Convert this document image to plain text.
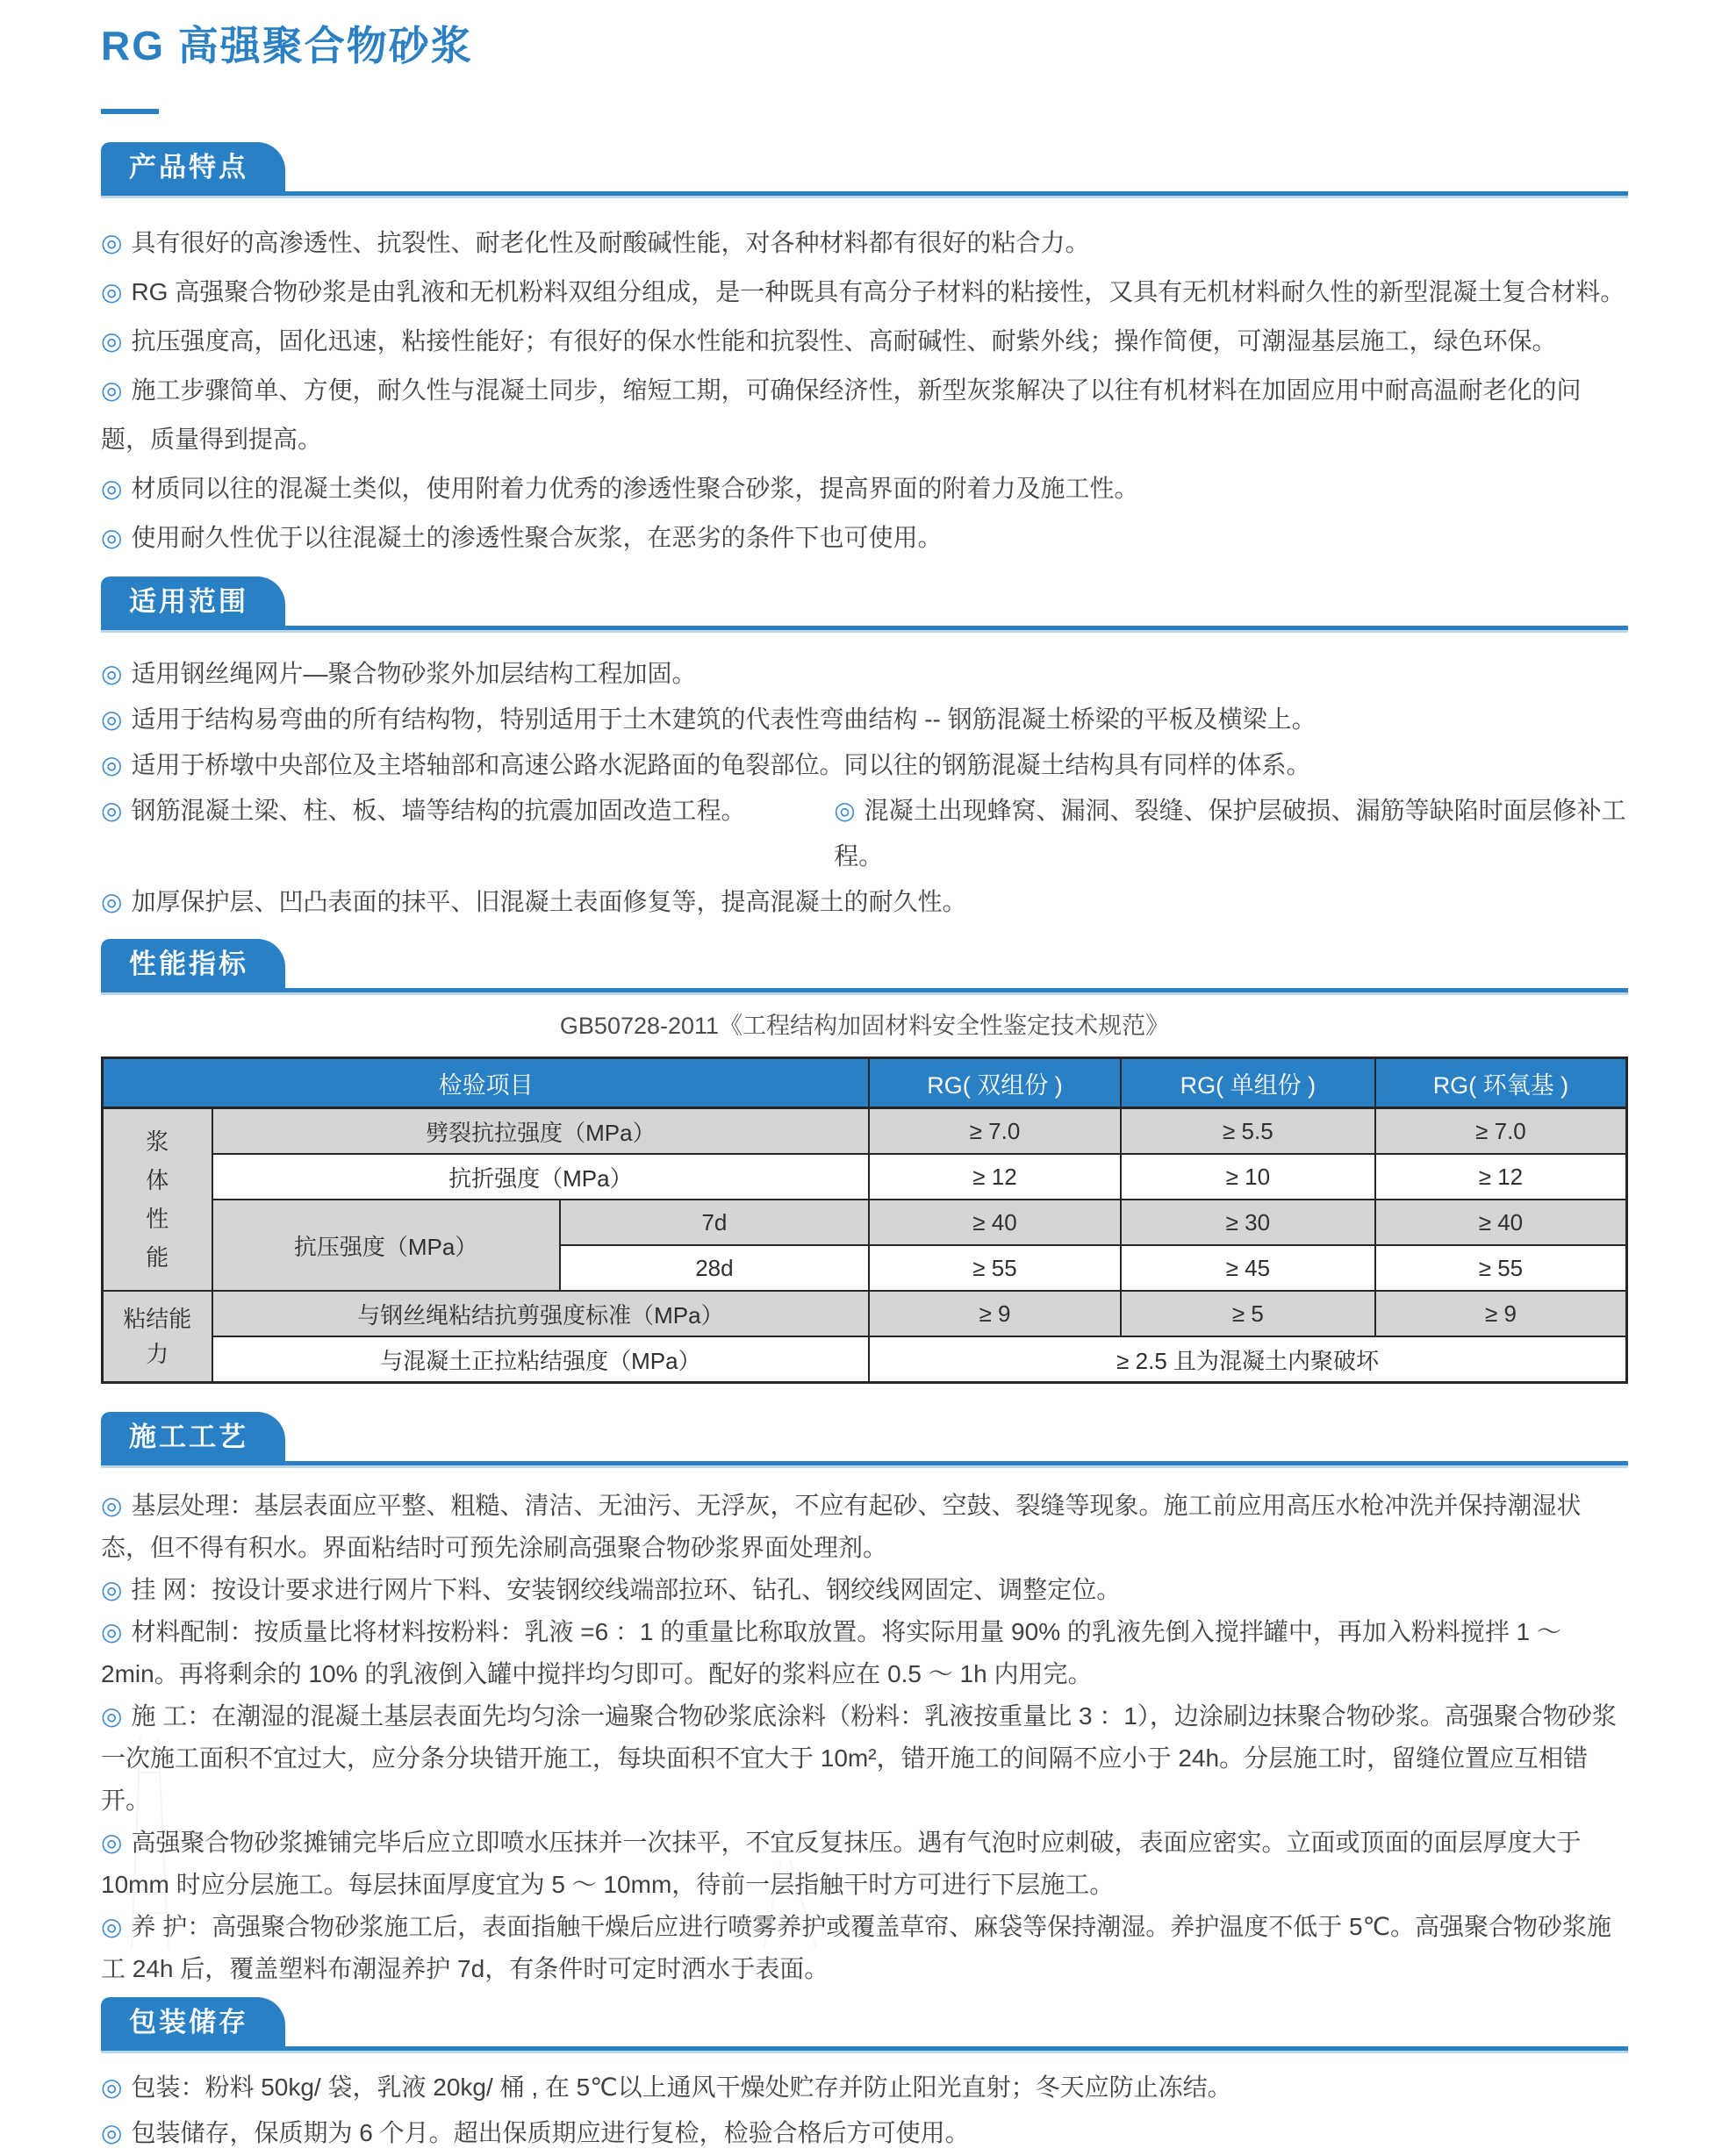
RG 高强聚合物砂浆
产品特点
◎ 具有很好的高渗透性、抗裂性、耐老化性及耐酸碱性能，对各种材料都有很好的粘合力。
◎ RG 高强聚合物砂浆是由乳液和无机粉料双组分组成，是一种既具有高分子材料的粘接性，又具有无机材料耐久性的新型混凝土复合材料。
◎ 抗压强度高，固化迅速，粘接性能好；有很好的保水性能和抗裂性、高耐碱性、耐紫外线；操作简便，可潮湿基层施工，绿色环保。
◎ 施工步骤简单、方便，耐久性与混凝土同步，缩短工期，可确保经济性，新型灰浆解决了以往有机材料在加固应用中耐高温耐老化的问题，质量得到提高。
◎ 材质同以往的混凝土类似，使用附着力优秀的渗透性聚合砂浆，提高界面的附着力及施工性。
◎ 使用耐久性优于以往混凝土的渗透性聚合灰浆，在恶劣的条件下也可使用。
适用范围
◎ 适用钢丝绳网片—聚合物砂浆外加层结构工程加固。
◎ 适用于结构易弯曲的所有结构物，特别适用于土木建筑的代表性弯曲结构 -- 钢筋混凝土桥梁的平板及横梁上。
◎ 适用于桥墩中央部位及主塔轴部和高速公路水泥路面的龟裂部位。同以往的钢筋混凝土结构具有同样的体系。
◎ 钢筋混凝土梁、柱、板、墙等结构的抗震加固改造工程。	◎ 混凝土出现蜂窝、漏洞、裂缝、保护层破损、漏筋等缺陷时面层修补工程。
◎ 加厚保护层、凹凸表面的抹平、旧混凝土表面修复等，提高混凝土的耐久性。
性能指标
GB50728-2011《工程结构加固材料安全性鉴定技术规范》
检验项目			RG( 双组份 )	RG( 单组份 )	RG( 环氧基 )

浆
体
性
能	劈裂抗拉强度（MPa）		≥ 7.0	≥ 5.5	≥ 7.0
	抗折强度（MPa）		≥ 12	≥ 10	≥ 12
	抗压强度（MPa）	7d	≥ 40	≥ 30	≥ 40
		28d	≥ 55	≥ 45	≥ 55

粘结能
力	与钢丝绳粘结抗剪强度标准（MPa）		≥ 9	≥ 5	≥ 9
	与混凝土正拉粘结强度（MPa）		≥ 2.5 且为混凝土内聚破坏		
施工工艺
◎ 基层处理：基层表面应平整、粗糙、清洁、无油污、无浮灰，不应有起砂、空鼓、裂缝等现象。施工前应用高压水枪冲洗并保持潮湿状态，但不得有积水。界面粘结时可预先涂刷高强聚合物砂浆界面处理剂。
◎ 挂 网：按设计要求进行网片下料、安装钢绞线端部拉环、钻孔、钢绞线网固定、调整定位。
◎ 材料配制：按质量比将材料按粉料：乳液 =6 ：1 的重量比称取放置。将实际用量 90% 的乳液先倒入搅拌罐中，再加入粉料搅拌 1 ～ 2min。再将剩余的 10% 的乳液倒入罐中搅拌均匀即可。配好的浆料应在 0.5 ～ 1h 内用完。
◎ 施 工：在潮湿的混凝土基层表面先均匀涂一遍聚合物砂浆底涂料（粉料：乳液按重量比 3 ：1），边涂刷边抹聚合物砂浆。高强聚合物砂浆一次施工面积不宜过大，应分条分块错开施工，每块面积不宜大于 10m²，错开施工的间隔不应小于 24h。分层施工时，留缝位置应互相错开。
◎ 高强聚合物砂浆摊铺完毕后应立即喷水压抹并一次抹平，不宜反复抹压。遇有气泡时应刺破，表面应密实。立面或顶面的面层厚度大于 10mm 时应分层施工。每层抹面厚度宜为 5 ～ 10mm，待前一层指触干时方可进行下层施工。
◎ 养 护：高强聚合物砂浆施工后，表面指触干燥后应进行喷雾养护或覆盖草帘、麻袋等保持潮湿。养护温度不低于 5℃。高强聚合物砂浆施工 24h 后，覆盖塑料布潮湿养护 7d，有条件时可定时洒水于表面。
包装储存
◎ 包装：粉料 50kg/ 袋，乳液 20kg/ 桶 , 在 5℃以上通风干燥处贮存并防止阳光直射；冬天应防止冻结。
◎ 包装储存，保质期为 6 个月。超出保质期应进行复检，检验合格后方可使用。
